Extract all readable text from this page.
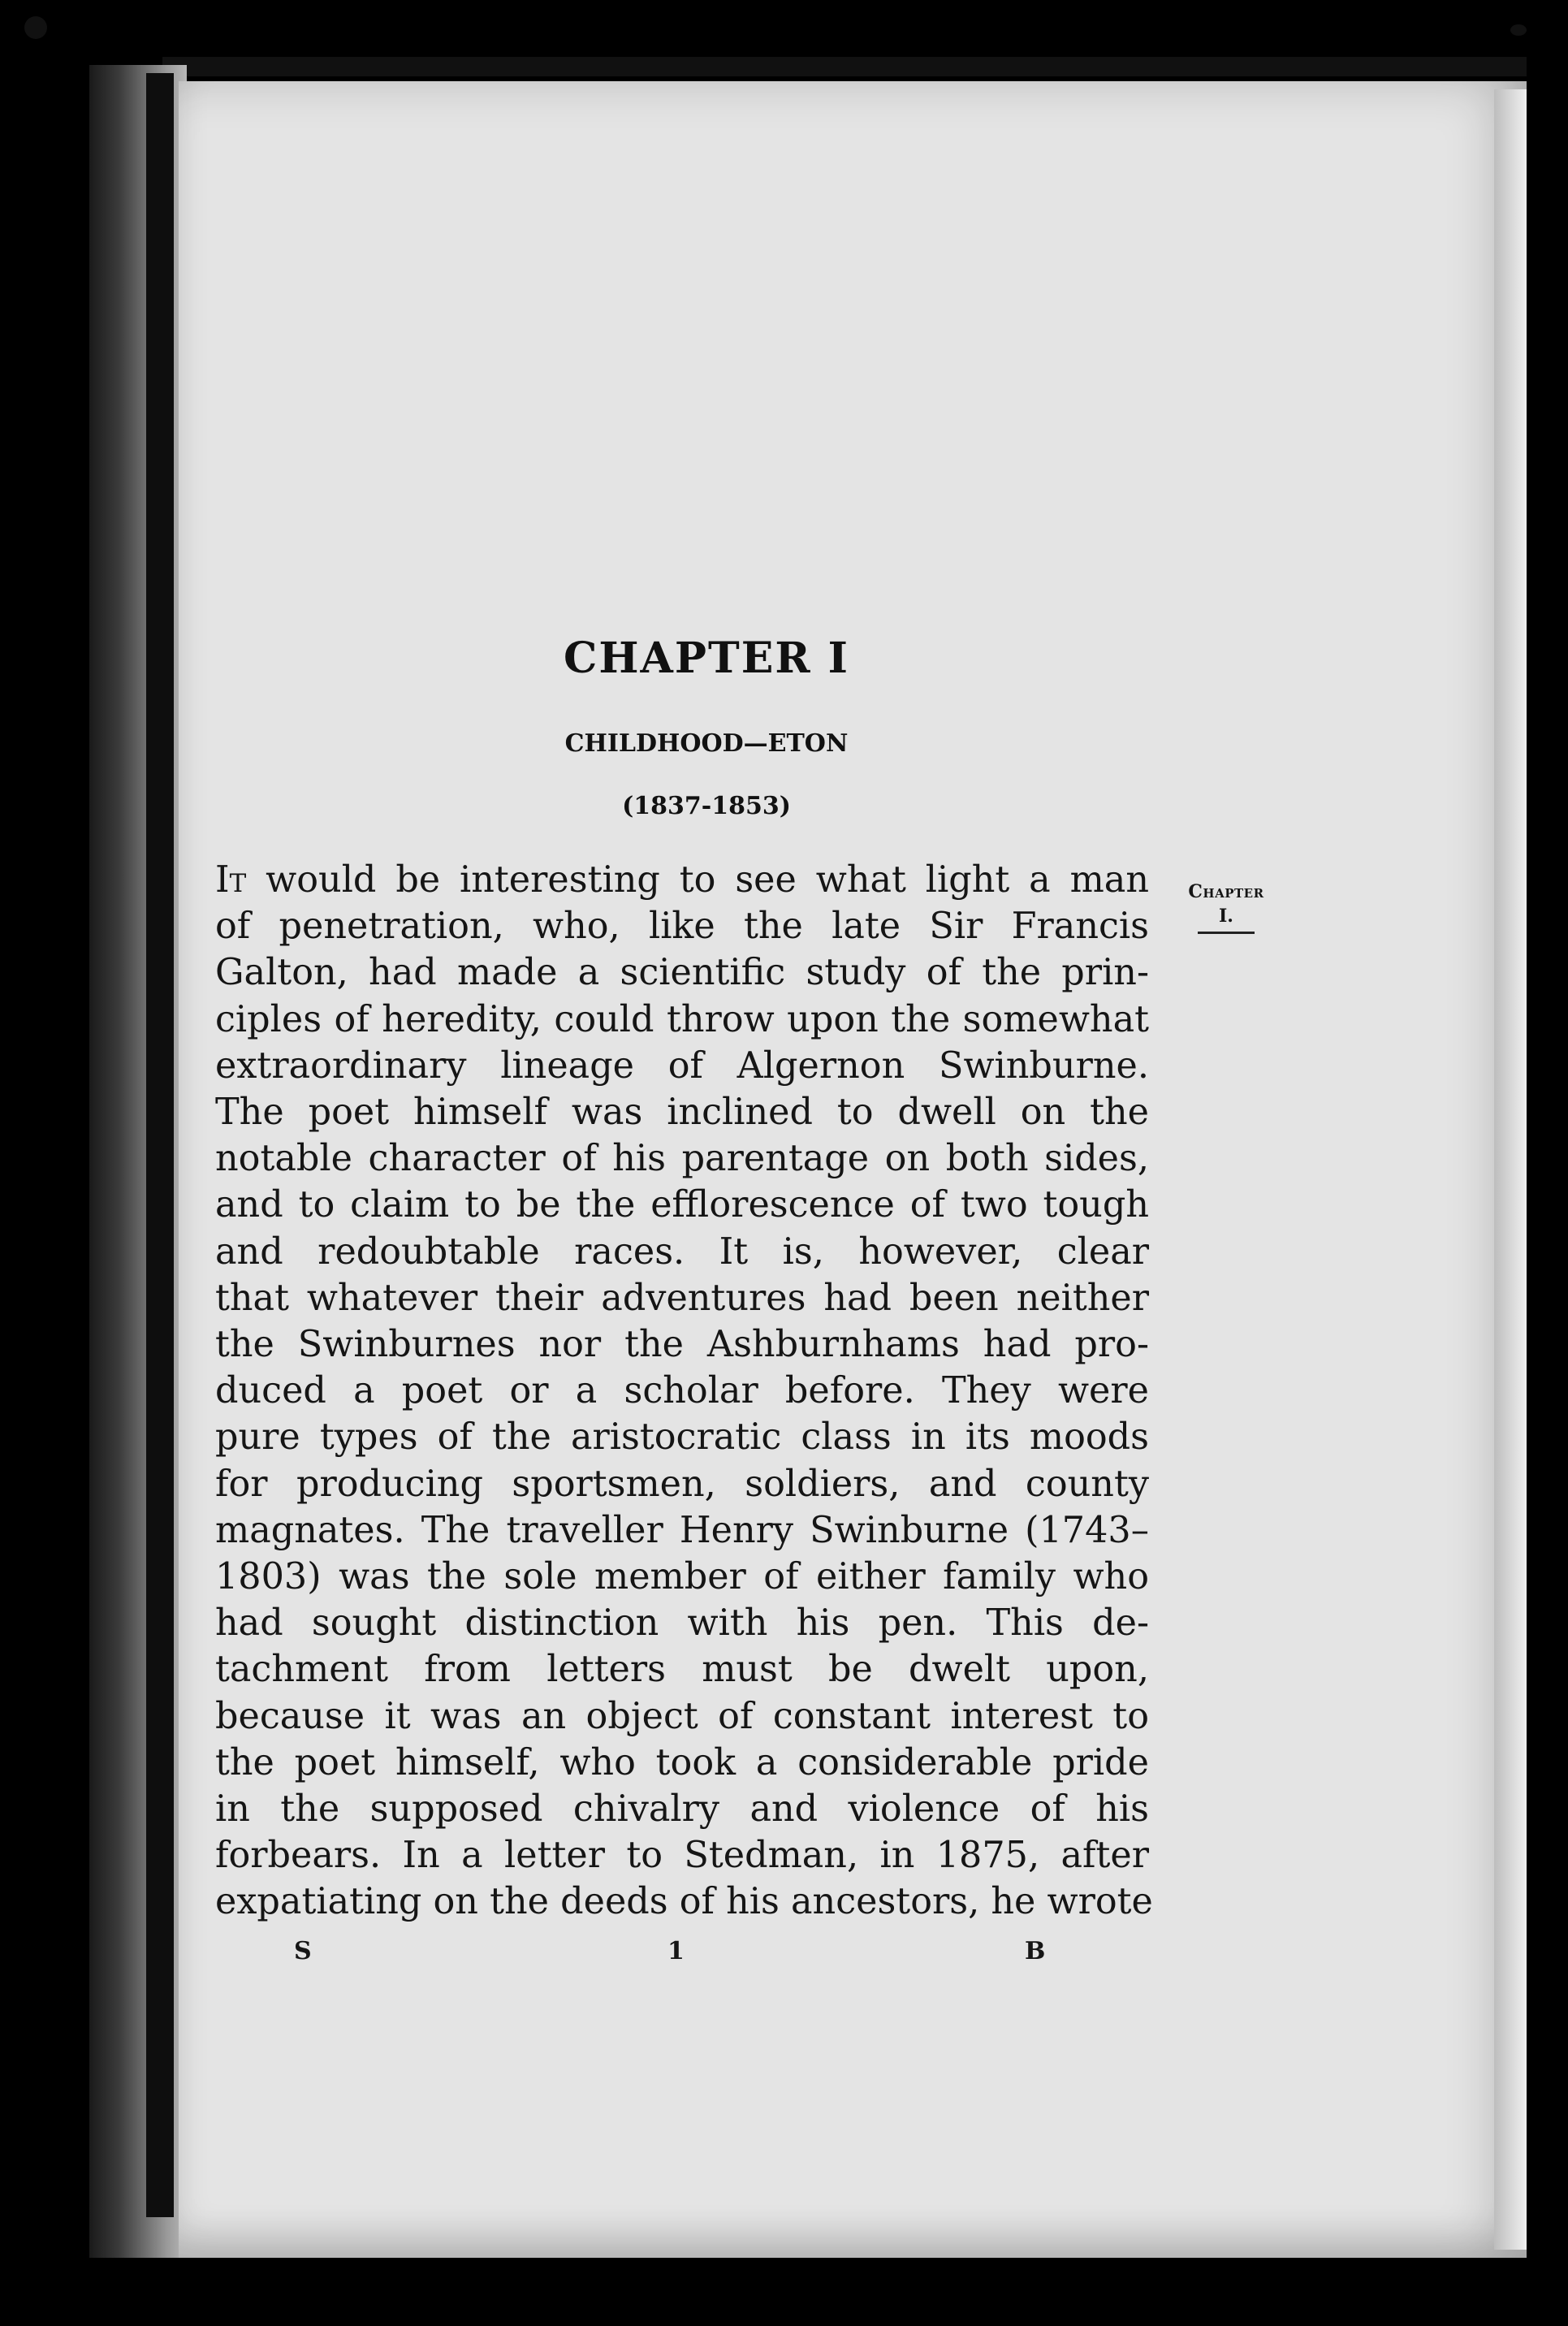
CHAPTER I
CHILDHOOD—ETON
(1837-1853)
It would be interesting to see what light a man
of penetration, who, like the late Sir Francis
Galton, had made a scientific study of the prin-
ciples of heredity, could throw upon the somewhat
extraordinary lineage of Algernon Swinburne.
The poet himself was inclined to dwell on the
notable character of his parentage on both sides,
and to claim to be the efflorescence of two tough
and redoubtable races. It is, however, clear
that whatever their adventures had been neither
the Swinburnes nor the Ashburnhams had pro-
duced a poet or a scholar before. They were
pure types of the aristocratic class in its moods
for producing sportsmen, soldiers, and county
magnates. The traveller Henry Swinburne (1743–
1803) was the sole member of either family who
had sought distinction with his pen. This de-
tachment from letters must be dwelt upon,
because it was an object of constant interest to
the poet himself, who took a considerable pride
in the supposed chivalry and violence of his
forbears. In a letter to Stedman, in 1875, after
expatiating on the deeds of his ancestors, he wrote
Chapter
I.
S	1	B
